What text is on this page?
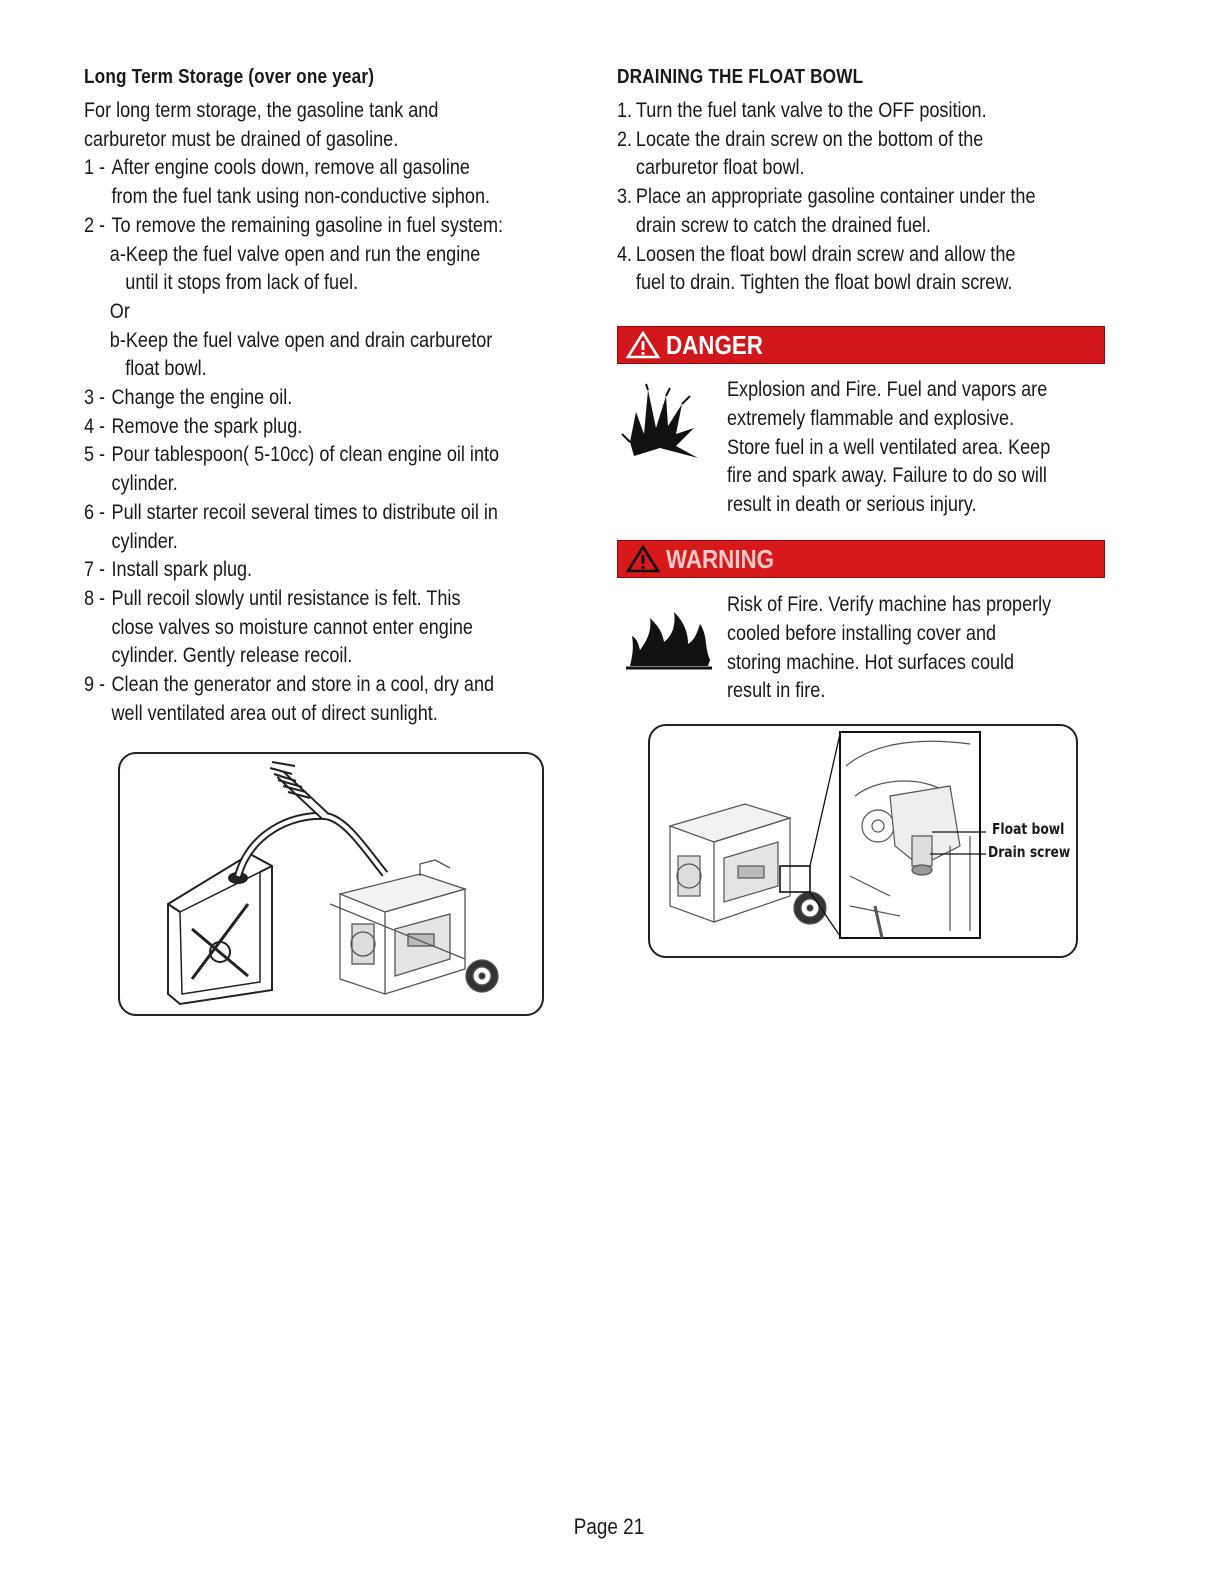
Long Term Storage (over one year)
For long term storage, the gasoline tank and
carburetor must be drained of gasoline.
1 - After engine cools down, remove all gasoline
from the fuel tank using non-conductive siphon.
2 - To remove the remaining gasoline in fuel system:
a-Keep the fuel valve open and run the engine
until it stops from lack of fuel.
Or
b-Keep the fuel valve open and drain carburetor
float bowl.
3 - Change the engine oil.
4 - Remove the spark plug.
5 - Pour tablespoon( 5-10cc) of clean engine oil into
cylinder.
6 - Pull starter recoil several times to distribute oil in
cylinder.
7 - Install spark plug.
8 - Pull recoil slowly until resistance is felt. This
close valves so moisture cannot enter engine
cylinder. Gently release recoil.
9 - Clean the generator and store in a cool, dry and
well ventilated area out of direct sunlight.
DRAINING THE FLOAT BOWL
1. Turn the fuel tank valve to the OFF position.
2. Locate the drain screw on the bottom of the
carburetor float bowl.
3. Place an appropriate gasoline container under the
drain screw to catch the drained fuel.
4. Loosen the float bowl drain screw and allow the
fuel to drain. Tighten the float bowl drain screw.
DANGER
Explosion and Fire. Fuel and vapors are
extremely flammable and explosive.
Store fuel in a well ventilated area. Keep
fire and spark away. Failure to do so will
result in death or serious injury.
WARNING
Risk of Fire. Verify machine has properly
cooled before installing cover and
storing machine. Hot surfaces could
result in fire.
Float bowl
Drain screw
Page 21
